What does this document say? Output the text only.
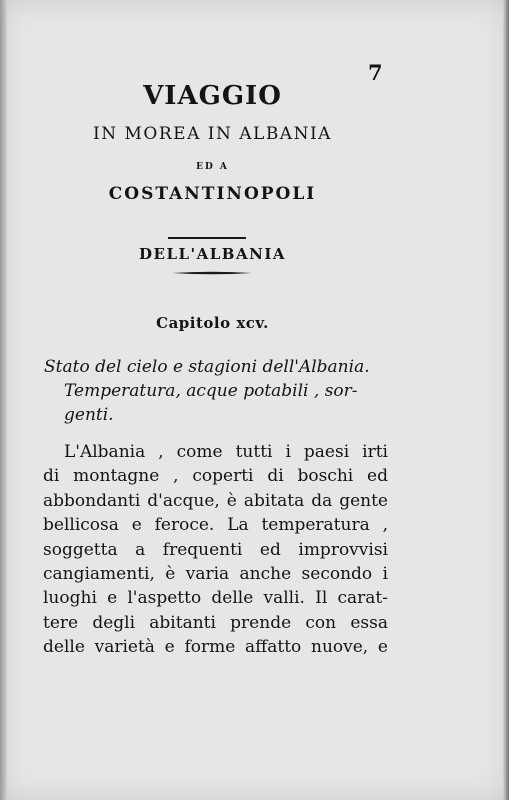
7
VIAGGIO
IN MOREA IN ALBANIA
ED A
COSTANTINOPOLI
DELL'ALBANIA
Capitolo xcv.
Stato del cielo e stagioni dell'Albania.
Temperatura, acque potabili , sor-
genti.
L'Albania , come tutti i paesi irti
di montagne , coperti di boschi ed
abbondanti d'acque, è abitata da gente
bellicosa e feroce. La temperatura ,
soggetta a frequenti ed improvvisi
cangiamenti, è varia anche secondo i
luoghi e l'aspetto delle valli. Il carat-
tere degli abitanti prende con essa
delle varietà e forme affatto nuove, e
